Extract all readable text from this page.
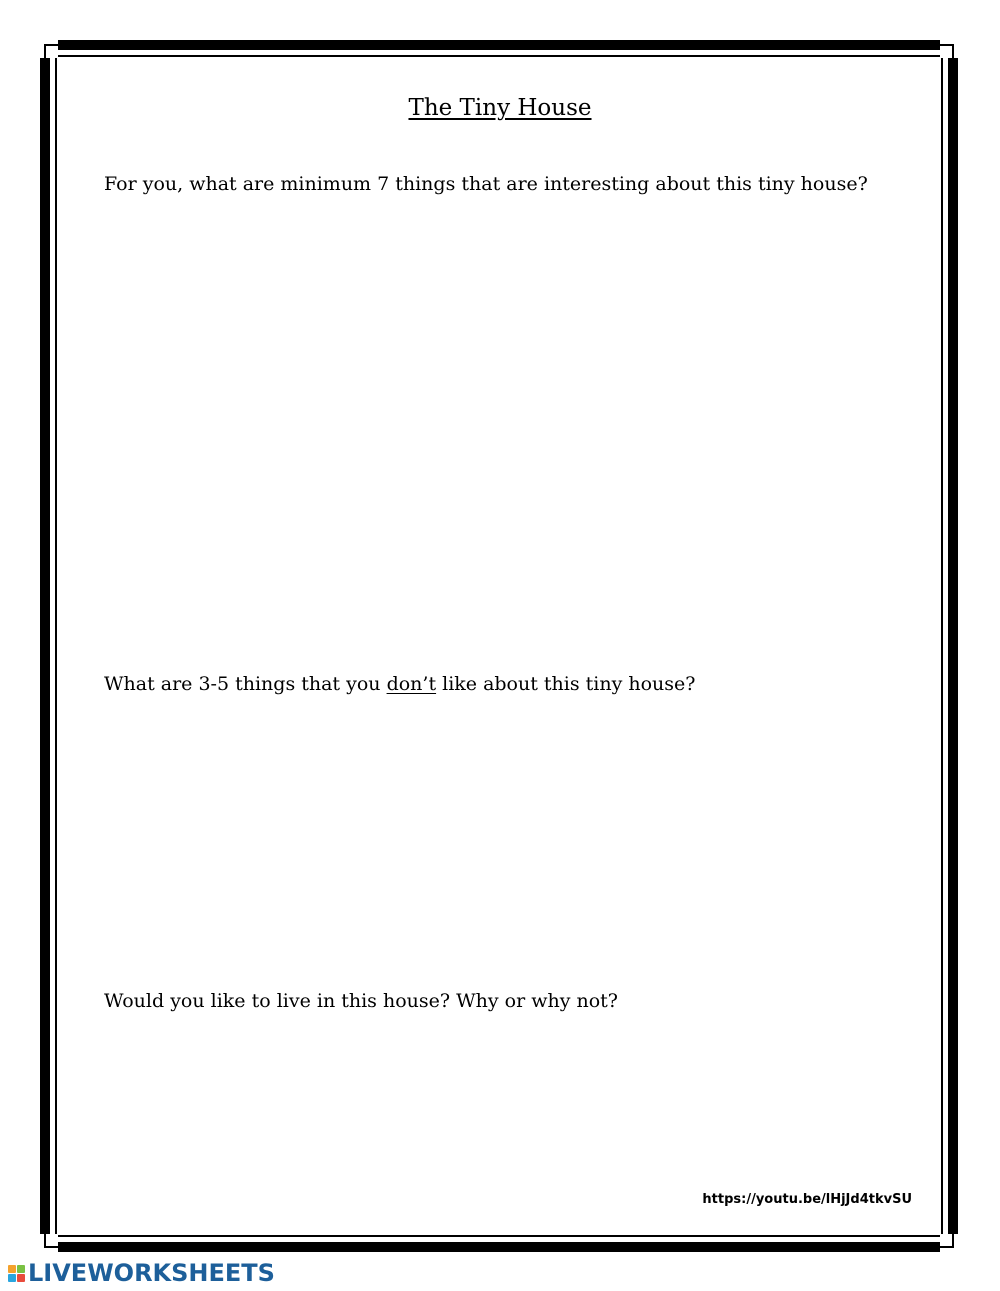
The Tiny House

For you, what are minimum 7 things that are interesting about this tiny house?

What are 3-5 things that you don’t like about this tiny house?

Would you like to live in this house? Why or why not?

https://youtu.be/lHjJd4tkvSU
LIVEWORKSHEETS
